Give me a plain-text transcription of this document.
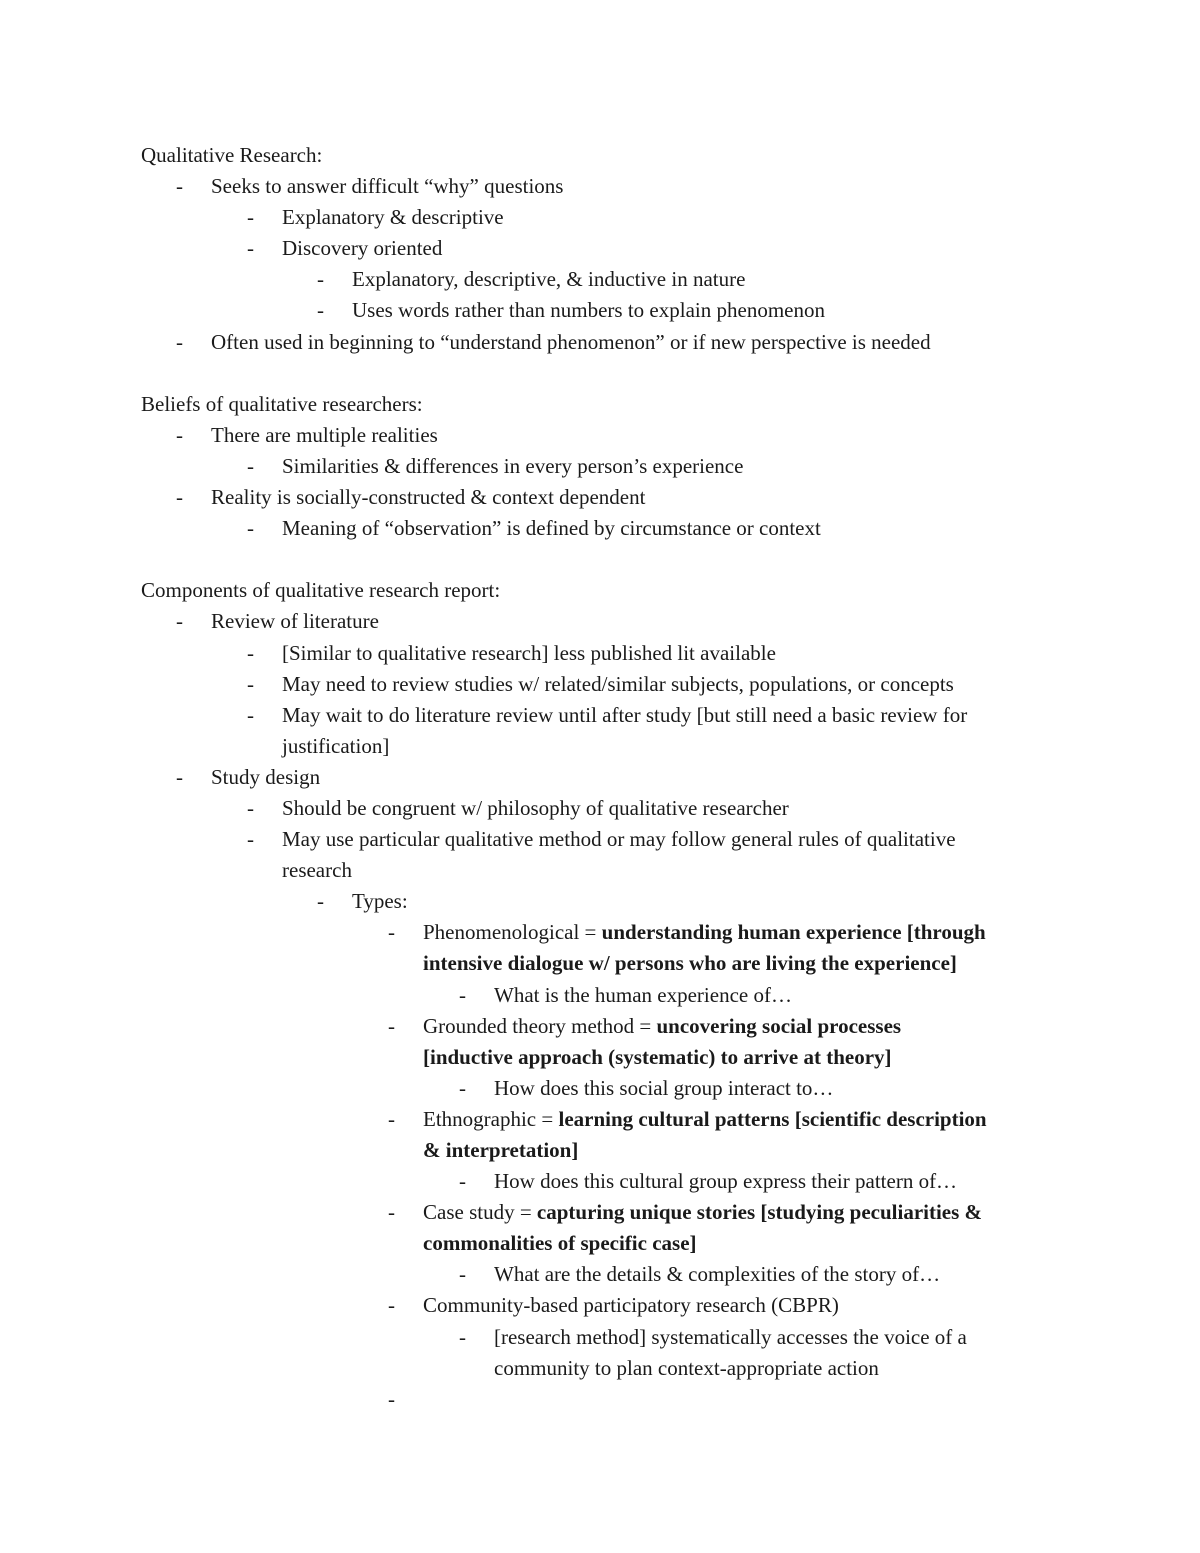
Qualitative Research:
- Seeks to answer difficult “why” questions
- Explanatory & descriptive
- Discovery oriented
- Explanatory, descriptive, & inductive in nature
- Uses words rather than numbers to explain phenomenon
- Often used in beginning to “understand phenomenon” or if new perspective is needed
Beliefs of qualitative researchers:
- There are multiple realities
- Similarities & differences in every person’s experience
- Reality is socially-constructed & context dependent
- Meaning of “observation” is defined by circumstance or context
Components of qualitative research report:
- Review of literature
- [Similar to qualitative research] less published lit available
- May need to review studies w/ related/similar subjects, populations, or concepts
- May wait to do literature review until after study [but still need a basic review for
justification]
- Study design
- Should be congruent w/ philosophy of qualitative researcher
- May use particular qualitative method or may follow general rules of qualitative
research
- Types:
- Phenomenological = understanding human experience [through
intensive dialogue w/ persons who are living the experience]
- What is the human experience of…
- Grounded theory method = uncovering social processes
[inductive approach (systematic) to arrive at theory]
- How does this social group interact to…
- Ethnographic = learning cultural patterns [scientific description
& interpretation]
- How does this cultural group express their pattern of…
- Case study = capturing unique stories [studying peculiarities &
commonalities of specific case]
- What are the details & complexities of the story of…
- Community-based participatory research (CBPR)
- [research method] systematically accesses the voice of a
community to plan context-appropriate action
-
